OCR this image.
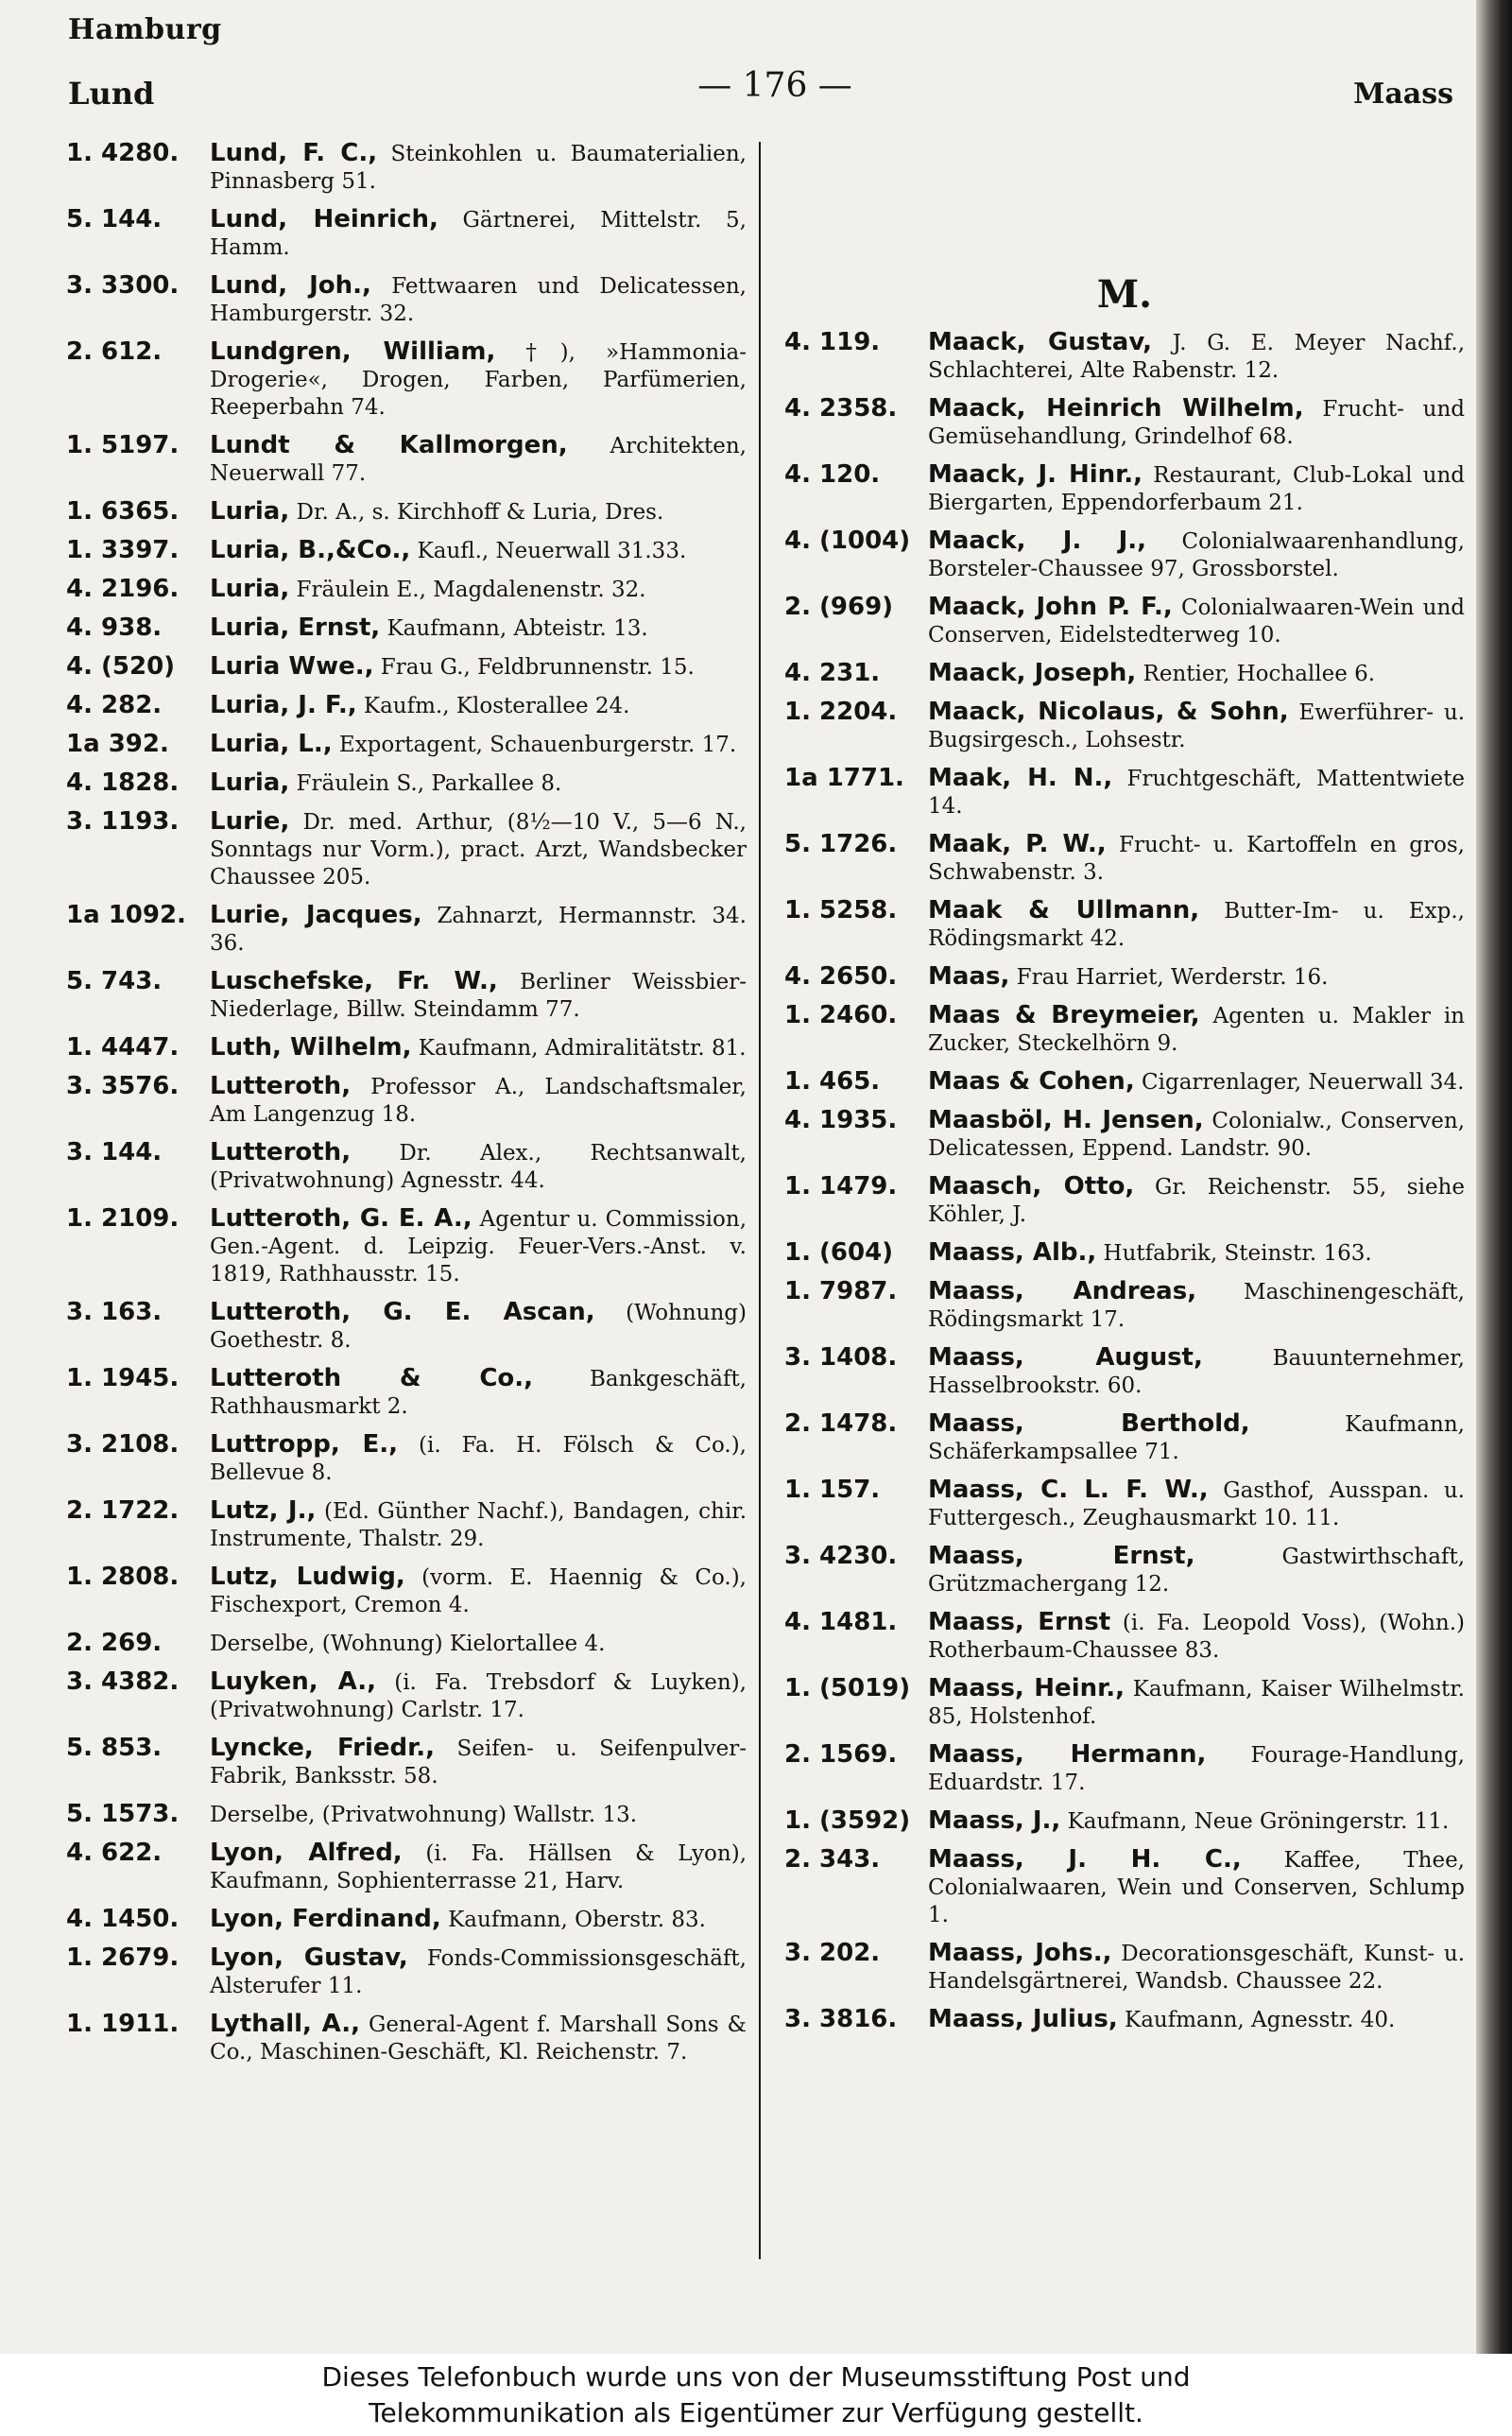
Hamburg
Lund	— 176 —	Maass
1. 4280.	Lund, F. C., Steinkohlen u. Baumaterialien, Pinnasberg 51.
5. 144.	Lund, Heinrich, Gärtnerei, Mittelstr. 5, Hamm.
3. 3300.	Lund, Joh., Fettwaaren und Delicatessen, Hamburgerstr. 32.
2. 612.	Lundgren, William, †), »Hammonia-Drogerie«, Drogen, Farben, Parfümerien, Reeperbahn 74.
1. 5197.	Lundt & Kallmorgen, Architekten, Neuerwall 77.
1. 6365.	Luria, Dr. A., s. Kirchhoff & Luria, Dres.
1. 3397.	Luria, B.,&Co., Kaufl., Neuerwall 31.33.
4. 2196.	Luria, Fräulein E., Magdalenenstr. 32.
4. 938.	Luria, Ernst, Kaufmann, Abteistr. 13.
4. (520)	Luria Wwe., Frau G., Feldbrunnenstr. 15.
4. 282.	Luria, J. F., Kaufm., Klosterallee 24.
1a 392.	Luria, L., Exportagent, Schauenburgerstr. 17.
4. 1828.	Luria, Fräulein S., Parkallee 8.
3. 1193.	Lurie, Dr. med. Arthur, (8½—10 V., 5—6 N., Sonntags nur Vorm.), pract. Arzt, Wandsbecker Chaussee 205.
1a 1092. Lurie, Jacques, Zahnarzt, Hermannstr. 34. 36.
5. 743.	Luschefske, Fr. W., Berliner Weissbier-Niederlage, Billw. Steindamm 77.
1. 4447.	Luth, Wilhelm, Kaufmann, Admiralitätstr. 81.
3. 3576.	Lutteroth, Professor A., Landschaftsmaler, Am Langenzug 18.
3. 144.	Lutteroth, Dr. Alex., Rechtsanwalt, (Privatwohnung) Agnesstr. 44.
1. 2109.	Lutteroth, G. E. A., Agentur u. Commission, Gen.-Agent. d. Leipzig. Feuer-Vers.-Anst. v. 1819, Rathhausstr. 15.
3. 163.	Lutteroth, G. E. Ascan, (Wohnung) Goethestr. 8.
1. 1945.	Lutteroth & Co., Bankgeschäft, Rathhausmarkt 2.
3. 2108.	Luttropp, E., (i. Fa. H. Fölsch & Co.), Bellevue 8.
2. 1722.	Lutz, J., (Ed. Günther Nachf.), Bandagen, chir. Instrumente, Thalstr. 29.
1. 2808.	Lutz, Ludwig, (vorm. E. Haennig & Co.), Fischexport, Cremon 4.
2. 269.	Derselbe, (Wohnung) Kielortallee 4.
3. 4382.	Luyken, A., (i. Fa. Trebsdorf & Luyken), (Privatwohnung) Carlstr. 17.
5. 853.	Lyncke, Friedr., Seifen- u. Seifenpulver-Fabrik, Banksstr. 58.
5. 1573.	Derselbe, (Privatwohnung) Wallstr. 13.
4. 622.	Lyon, Alfred, (i. Fa. Hällsen & Lyon), Kaufmann, Sophienterrasse 21, Harv.
4. 1450.	Lyon, Ferdinand, Kaufmann, Oberstr. 83.
1. 2679.	Lyon, Gustav, Fonds-Commissionsgeschäft, Alsterufer 11.
1. 1911.	Lythall, A., General-Agent f. Marshall Sons & Co., Maschinen-Geschäft, Kl. Reichenstr. 7.
M.
4. 119.	Maack, Gustav, J. G. E. Meyer Nachf., Schlachterei, Alte Rabenstr. 12.
4. 2358.	Maack, Heinrich Wilhelm, Frucht- und Gemüsehandlung, Grindelhof 68.
4. 120.	Maack, J. Hinr., Restaurant, Club-Lokal und Biergarten, Eppendorferbaum 21.
4. (1004) Maack, J. J., Colonialwaarenhandlung, Borsteler-Chaussee 97, Grossborstel.
2. (969)	Maack, John P. F., Colonialwaaren-Wein und Conserven, Eidelstedterweg 10.
4. 231.	Maack, Joseph, Rentier, Hochallee 6.
1. 2204.	Maack, Nicolaus, & Sohn, Ewerführer- u. Bugsirgesch., Lohsestr.
1a 1771. Maak, H. N., Fruchtgeschäft, Mattentwiete 14.
5. 1726.	Maak, P. W., Frucht- u. Kartoffeln en gros, Schwabenstr. 3.
1. 5258.	Maak & Ullmann, Butter-Im- u. Exp., Rödingsmarkt 42.
4. 2650.	Maas, Frau Harriet, Werderstr. 16.
1. 2460.	Maas & Breymeier, Agenten u. Makler in Zucker, Steckelhörn 9.
1. 465.	Maas & Cohen, Cigarrenlager, Neuerwall 34.
4. 1935.	Maasböl, H. Jensen, Colonialw., Conserven, Delicatessen, Eppend. Landstr. 90.
1. 1479.	Maasch, Otto, Gr. Reichenstr. 55, siehe Köhler, J.
1. (604)	Maass, Alb., Hutfabrik, Steinstr. 163.
1. 7987.	Maass, Andreas, Maschinengeschäft, Rödingsmarkt 17.
3. 1408.	Maass, August, Bauunternehmer, Hasselbrookstr. 60.
2. 1478.	Maass, Berthold, Kaufmann, Schäferkampsallee 71.
1. 157.	Maass, C. L. F. W., Gasthof, Ausspan. u. Futtergesch., Zeughausmarkt 10. 11.
3. 4230.	Maass, Ernst, Gastwirthschaft, Grützmachergang 12.
4. 1481.	Maass, Ernst (i. Fa. Leopold Voss), (Wohn.) Rotherbaum-Chaussee 83.
1. (5019) Maass, Heinr., Kaufmann, Kaiser Wilhelmstr. 85, Holstenhof.
2. 1569.	Maass, Hermann, Fourage-Handlung, Eduardstr. 17.
1. (3592) Maass, J., Kaufmann, Neue Gröningerstr. 11.
2. 343.	Maass, J. H. C., Kaffee, Thee, Colonialwaaren, Wein und Conserven, Schlump 1.
3. 202.	Maass, Johs., Decorationsgeschäft, Kunst- u. Handelsgärtnerei, Wandsb. Chaussee 22.
3. 3816.	Maass, Julius, Kaufmann, Agnesstr. 40.
Dieses Telefonbuch wurde uns von der Museumsstiftung Post und
Telekommunikation als Eigentümer zur Verfügung gestellt.
